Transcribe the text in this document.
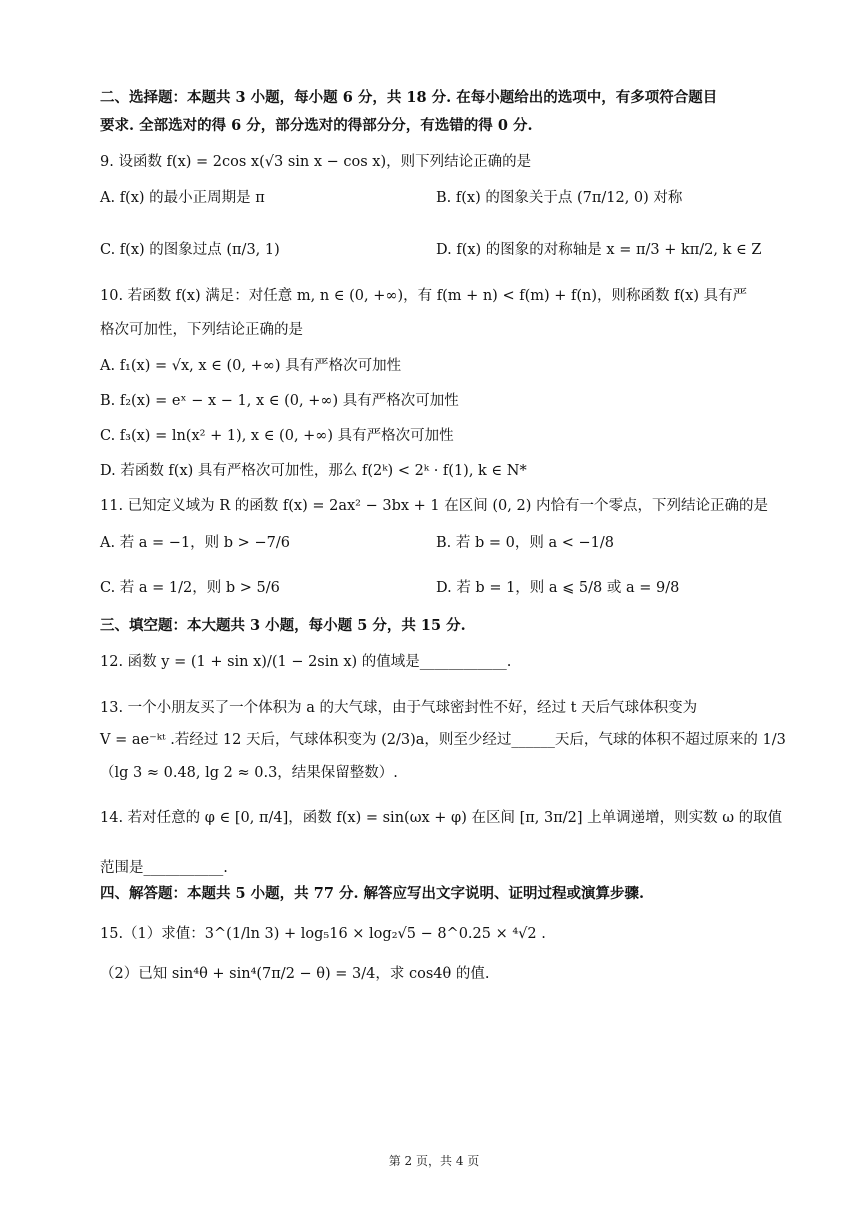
二、选择题：本题共 3 小题，每小题 6 分，共 18 分. 在每小题给出的选项中，有多项符合题目
要求. 全部选对的得 6 分，部分选对的得部分分，有选错的得 0 分.
9. 设函数 f(x) = 2cos x(√3 sin x − cos x)，则下列结论正确的是
A. f(x) 的最小正周期是 π	B. f(x) 的图象关于点 (7π/12, 0) 对称
C. f(x) 的图象过点 (π/3, 1)	D. f(x) 的图象的对称轴是 x = π/3 + kπ/2, k ∈ Z
10. 若函数 f(x) 满足：对任意 m, n ∈ (0, +∞)，有 f(m + n) < f(m) + f(n)，则称函数 f(x) 具有严
格次可加性，下列结论正确的是
A. f₁(x) = √x, x ∈ (0, +∞) 具有严格次可加性
B. f₂(x) = eˣ − x − 1, x ∈ (0, +∞) 具有严格次可加性
C. f₃(x) = ln(x² + 1), x ∈ (0, +∞) 具有严格次可加性
D. 若函数 f(x) 具有严格次可加性，那么 f(2ᵏ) < 2ᵏ · f(1), k ∈ N*
11. 已知定义域为 R 的函数 f(x) = 2ax² − 3bx + 1 在区间 (0, 2) 内恰有一个零点，下列结论正确的是
A. 若 a = −1，则 b > −7/6	B. 若 b = 0，则 a < −1/8
C. 若 a = 1/2，则 b > 5/6	D. 若 b = 1，则 a ⩽ 5/8 或 a = 9/8
三、填空题：本大题共 3 小题，每小题 5 分，共 15 分.
12. 函数 y = (1 + sin x)/(1 − 2sin x) 的值域是____________.
13. 一个小朋友买了一个体积为 a 的大气球，由于气球密封性不好，经过 t 天后气球体积变为
V = ae⁻ᵏᵗ .若经过 12 天后，气球体积变为 (2/3)a，则至少经过______天后，气球的体积不超过原来的 1/3
（lg 3 ≈ 0.48, lg 2 ≈ 0.3，结果保留整数）.
14. 若对任意的 φ ∈ [0, π/4]，函数 f(x) = sin(ωx + φ) 在区间 [π, 3π/2] 上单调递增，则实数 ω 的取值
范围是___________.
四、解答题：本题共 5 小题，共 77 分. 解答应写出文字说明、证明过程或演算步骤.
15.（1）求值：3^(1/ln 3) + log₅16 × log₂√5 − 8^0.25 × ⁴√2 .
（2）已知 sin⁴θ + sin⁴(7π/2 − θ) = 3/4，求 cos4θ 的值.
第 2 页，共 4 页
